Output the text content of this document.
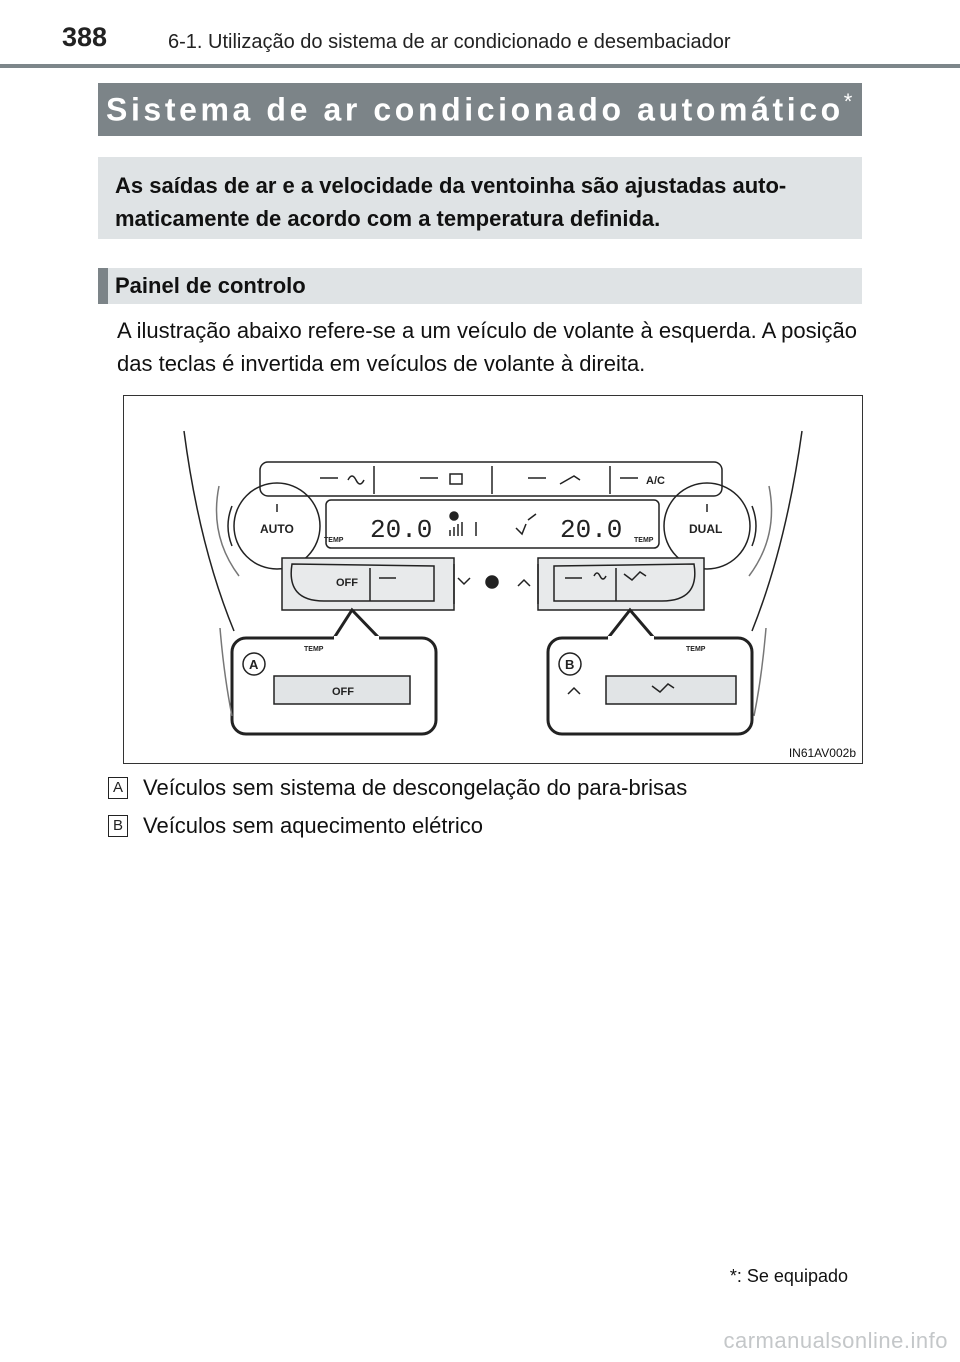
388	6-1. Utilização do sistema de ar condicionado e desembaciador
Sistema de ar condicionado automático*
As saídas de ar e a velocidade da ventoinha são ajustadas auto-maticamente de acordo com a temperatura definida.
Painel de controlo
A ilustração abaixo refere-se a um veículo de volante à esquerda. A posição das teclas é invertida em veículos de volante à direita.
A/C
AUTO	DUAL
TEMP	TEMP
20.0	20.0
OFF
TEMP
OFF
A
TEMP
B
IN61AV002b
A Veículos sem sistema de descongelação do para-brisas
B Veículos sem aquecimento elétrico
*: Se equipado
carmanualsonline.info
